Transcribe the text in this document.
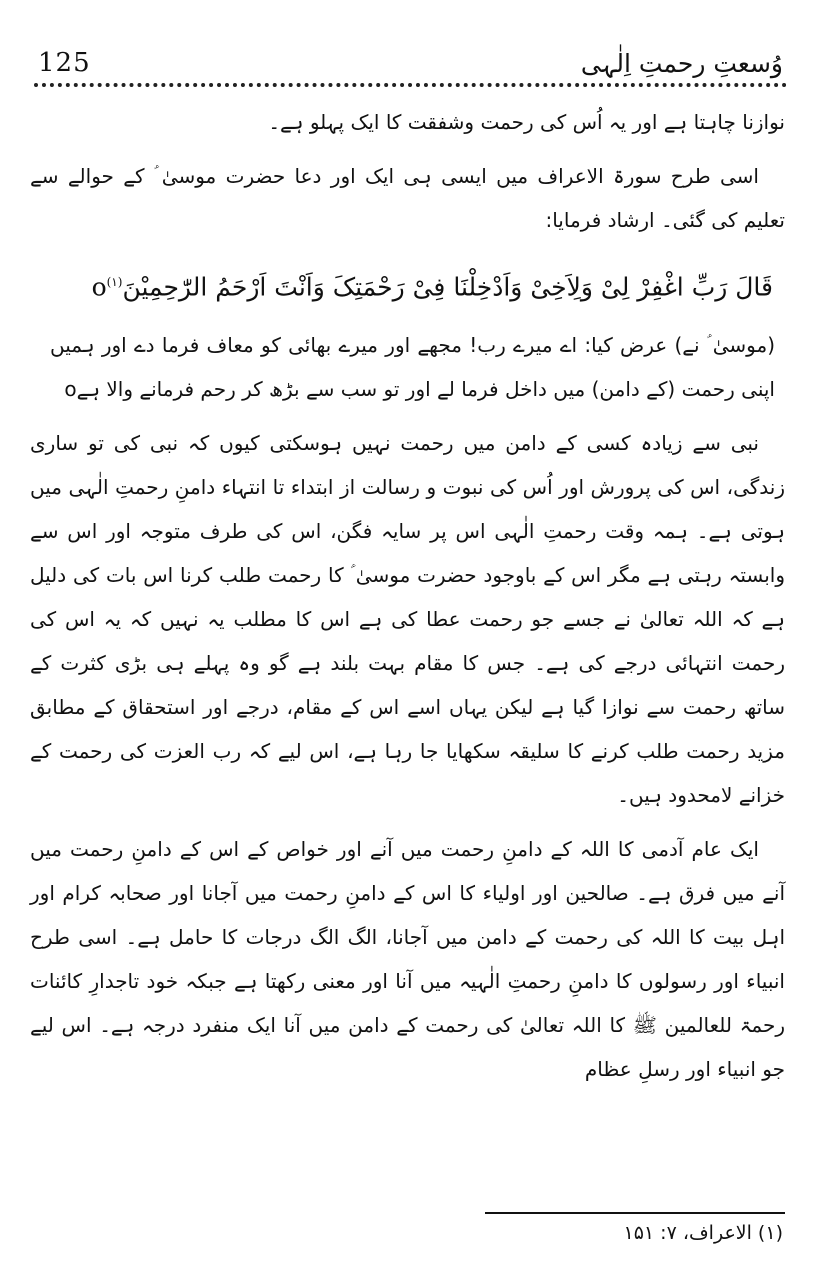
125	وُسعتِ رحمتِ اِلٰہی

نوازنا چاہتا ہے اور یہ اُس کی رحمت وشفقت کا ایک پہلو ہے۔

اسی طرح سورۃ الاعراف میں ایسی ہی ایک اور دعا حضرت موسیٰ ؑ کے حوالے سے تعلیم کی گئی۔ ارشاد فرمایا:

قَالَ رَبِّ اغْفِرْ لِیْ وَلِاَخِیْ وَاَدْخِلْنَا فِیْ رَحْمَتِکَ وَاَنْتَ اَرْحَمُ الرّٰحِمِیْنَo$^{(۱)}$

(موسیٰ ؑ نے) عرض کیا: اے میرے رب! مجھے اور میرے بھائی کو معاف فرما دے اور ہمیں اپنی رحمت (کے دامن) میں داخل فرما لے اور تو سب سے بڑھ کر رحم فرمانے والا ہےo

نبی سے زیادہ کسی کے دامن میں رحمت نہیں ہوسکتی کیوں کہ نبی کی تو ساری زندگی، اس کی پرورش اور اُس کی نبوت و رسالت از ابتداء تا انتہاء دامنِ رحمتِ الٰہی میں ہوتی ہے۔ ہمہ وقت رحمتِ الٰہی اس پر سایہ فگن، اس کی طرف متوجہ اور اس سے وابستہ رہتی ہے مگر اس کے باوجود حضرت موسیٰ ؑ کا رحمت طلب کرنا اس بات کی دلیل ہے کہ اللہ تعالیٰ نے جسے جو رحمت عطا کی ہے اس کا مطلب یہ نہیں کہ یہ اس کی رحمت انتہائی درجے کی ہے۔ جس کا مقام بہت بلند ہے گو وہ پہلے ہی بڑی کثرت کے ساتھ رحمت سے نوازا گیا ہے لیکن یہاں اسے اس کے مقام، درجے اور استحقاق کے مطابق مزید رحمت طلب کرنے کا سلیقہ سکھایا جا رہا ہے، اس لیے کہ رب العزت کی رحمت کے خزانے لامحدود ہیں۔

ایک عام آدمی کا اللہ کے دامنِ رحمت میں آنے اور خواص کے اس کے دامنِ رحمت میں آنے میں فرق ہے۔ صالحین اور اولیاء کا اس کے دامنِ رحمت میں آجانا اور صحابہ کرام اور اہل بیت کا اللہ کی رحمت کے دامن میں آجانا، الگ الگ درجات کا حامل ہے۔ اسی طرح انبیاء اور رسولوں کا دامنِ رحمتِ الٰہیہ میں آنا اور معنی رکھتا ہے جبکہ خود تاجدارِ کائنات رحمۃ للعالمین ﷺ کا اللہ تعالیٰ کی رحمت کے دامن میں آنا ایک منفرد درجہ ہے۔ اس لیے جو انبیاء اور رسلِ عظام

(۱) الاعراف، ۷: ۱۵۱
